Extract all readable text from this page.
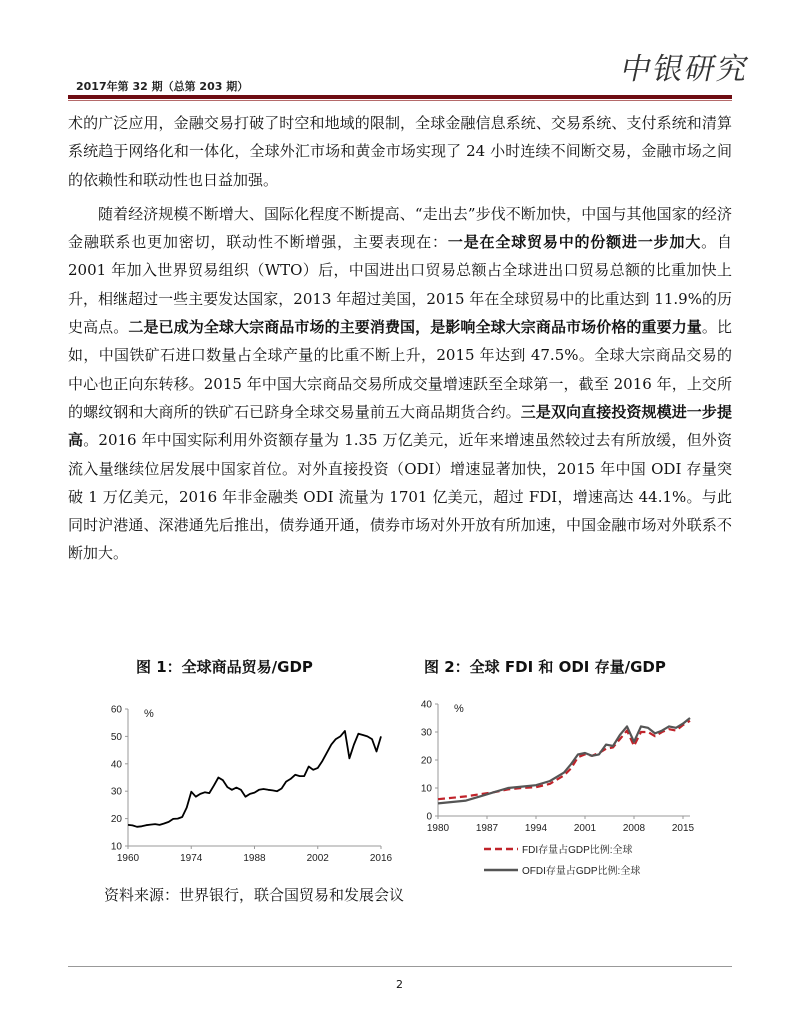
2017年第 32 期（总第 203 期）	中银研究

术的广泛应用，金融交易打破了时空和地域的限制，全球金融信息系统、交易系统、支付系统和清算系统趋于网络化和一体化，全球外汇市场和黄金市场实现了 24 小时连续不间断交易，金融市场之间的依赖性和联动性也日益加强。

随着经济规模不断增大、国际化程度不断提高、“走出去”步伐不断加快，中国与其他国家的经济金融联系也更加密切，联动性不断增强，主要表现在：一是在全球贸易中的份额进一步加大。自 2001 年加入世界贸易组织（WTO）后，中国进出口贸易总额占全球进出口贸易总额的比重加快上升，相继超过一些主要发达国家，2013 年超过美国，2015 年在全球贸易中的比重达到 11.9%的历史高点。二是已成为全球大宗商品市场的主要消费国，是影响全球大宗商品市场价格的重要力量。比如，中国铁矿石进口数量占全球产量的比重不断上升，2015 年达到 47.5%。全球大宗商品交易的中心也正向东转移。2015 年中国大宗商品交易所成交量增速跃至全球第一，截至 2016 年，上交所的螺纹钢和大商所的铁矿石已跻身全球交易量前五大商品期货合约。三是双向直接投资规模进一步提高。2016 年中国实际利用外资额存量为 1.35 万亿美元，近年来增速虽然较过去有所放缓，但外资流入量继续位居发展中国家首位。对外直接投资（ODI）增速显著加快，2015 年中国 ODI 存量突破 1 万亿美元，2016 年非金融类 ODI 流量为 1701 亿美元，超过 FDI，增速高达 44.1%。与此同时沪港通、深港通先后推出，债券通开通，债券市场对外开放有所加速，中国金融市场对外联系不断加大。

图 1：全球商品贸易/GDP	图 2：全球 FDI 和 ODI 存量/GDP
10
20
30
40
50
60
1960	1974	1988	2002	2016
%
0
10
20
30
40
1980	1987	1994	2001	2008	2015
%
FDI存量占GDP比例:全球
OFDI存量占GDP比例:全球
资料来源：世界银行，联合国贸易和发展会议
2
